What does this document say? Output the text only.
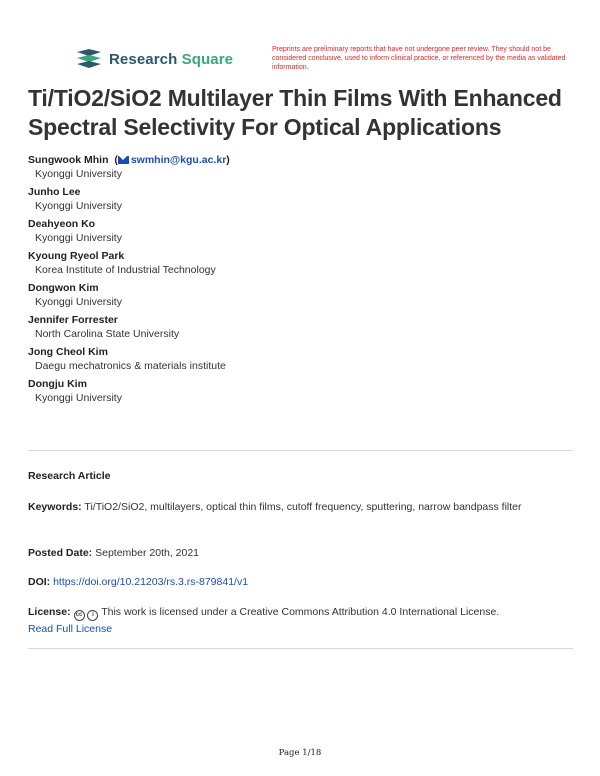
Research Square
Preprints are preliminary reports that have not undergone peer review. They should not be considered conclusive, used to inform clinical practice, or referenced by the media as validated information.
Ti/TiO2/SiO2 Multilayer Thin Films With Enhanced Spectral Selectivity For Optical Applications
Sungwook Mhin  ( swmhin@kgu.ac.kr)
Kyonggi University
Junho Lee
Kyonggi University
Deahyeon Ko
Kyonggi University
Kyoung Ryeol Park
Korea Institute of Industrial Technology
Dongwon Kim
Kyonggi University
Jennifer Forrester
North Carolina State University
Jong Cheol Kim
Daegu mechatronics & materials institute
Dongju Kim
Kyonggi University
Research Article
Keywords: Ti/TiO2/SiO2, multilayers, optical thin films, cutoff frequency, sputtering, narrow bandpass filter
Posted Date: September 20th, 2021
DOI: https://doi.org/10.21203/rs.3.rs-879841/v1
License: cc i This work is licensed under a Creative Commons Attribution 4.0 International License.
Read Full License
Page 1/18
